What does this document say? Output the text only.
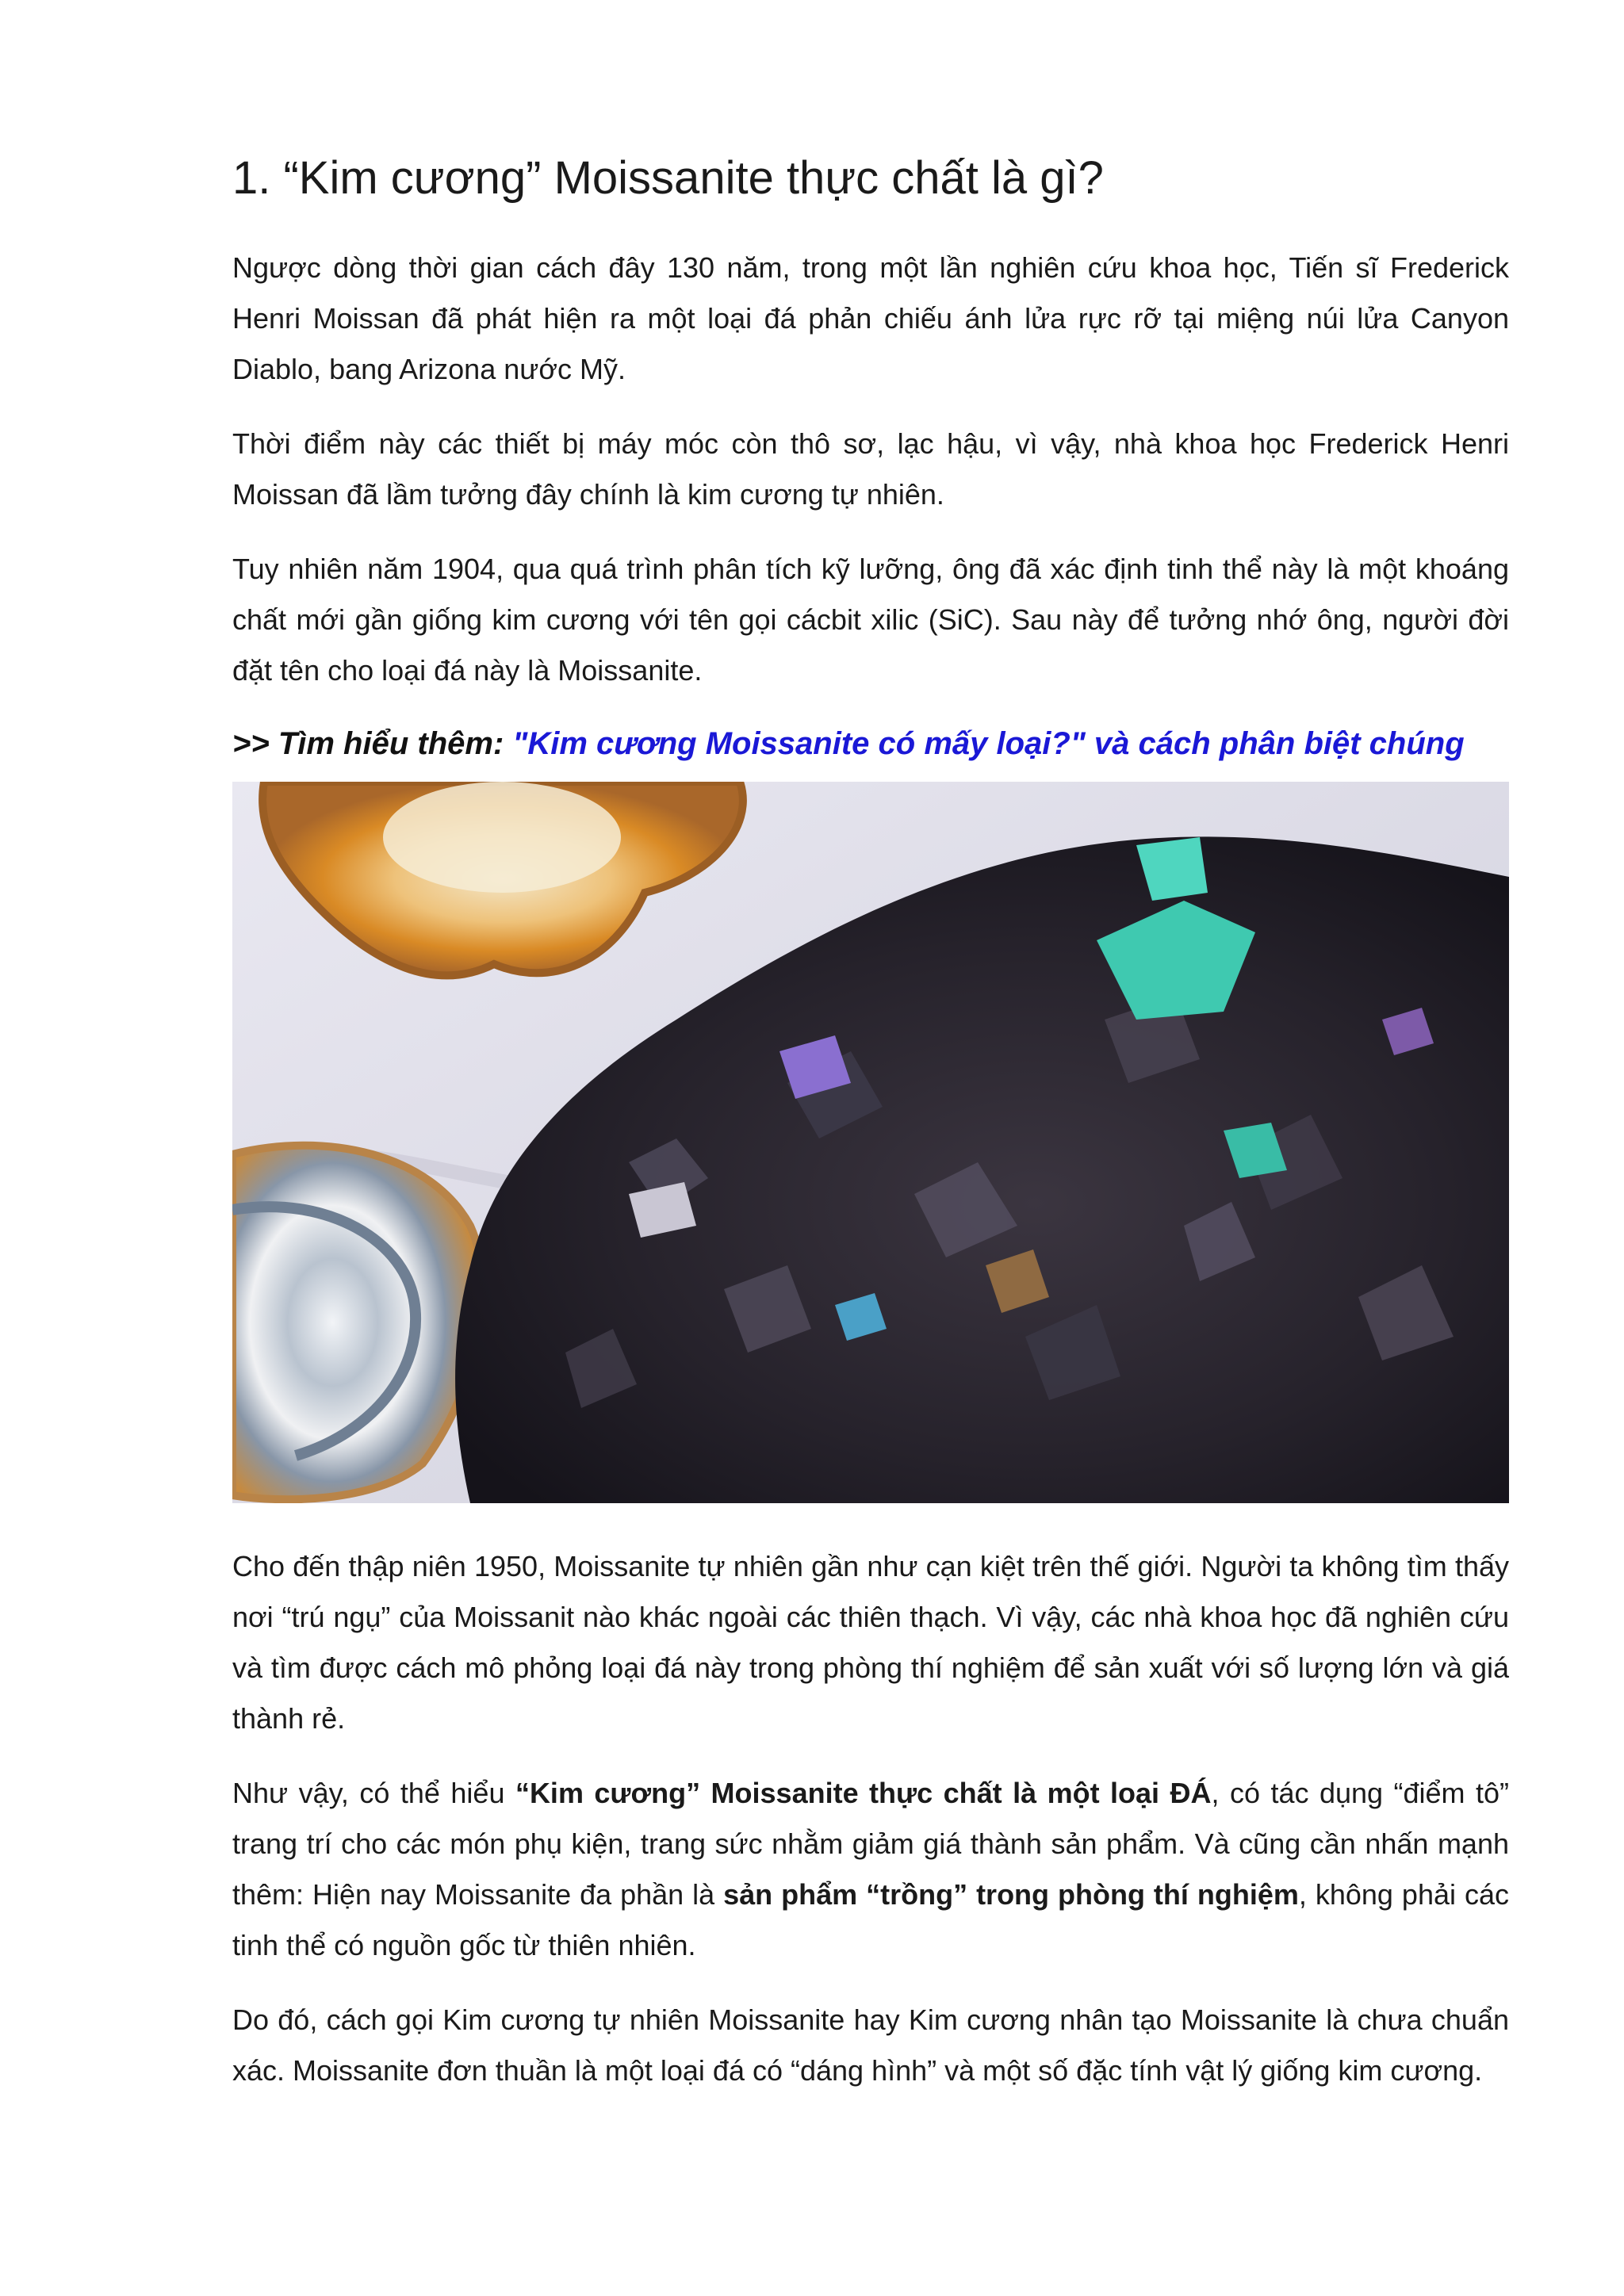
1. “Kim cương” Moissanite thực chất là gì?

Ngược dòng thời gian cách đây 130 năm, trong một lần nghiên cứu khoa học, Tiến sĩ Frederick Henri Moissan đã phát hiện ra một loại đá phản chiếu ánh lửa rực rỡ tại miệng núi lửa Canyon Diablo, bang Arizona nước Mỹ.

Thời điểm này các thiết bị máy móc còn thô sơ, lạc hậu, vì vậy, nhà khoa học Frederick Henri Moissan đã lầm tưởng đây chính là kim cương tự nhiên.

Tuy nhiên năm 1904, qua quá trình phân tích kỹ lưỡng, ông đã xác định tinh thể này là một khoáng chất mới gần giống kim cương với tên gọi cácbit xilic (SiC). Sau này để tưởng nhớ ông, người đời đặt tên cho loại đá này là Moissanite.

>> Tìm hiểu thêm: "Kim cương Moissanite có mấy loại?" và cách phân biệt chúng

Cho đến thập niên 1950, Moissanite tự nhiên gần như cạn kiệt trên thế giới. Người ta không tìm thấy nơi “trú ngụ” của Moissanit nào khác ngoài các thiên thạch. Vì vậy, các nhà khoa học đã nghiên cứu và tìm được cách mô phỏng loại đá này trong phòng thí nghiệm để sản xuất với số lượng lớn và giá thành rẻ.

Như vậy, có thể hiểu “Kim cương” Moissanite thực chất là một loại ĐÁ, có tác dụng “điểm tô” trang trí cho các món phụ kiện, trang sức nhằm giảm giá thành sản phẩm. Và cũng cần nhấn mạnh thêm: Hiện nay Moissanite đa phần là sản phẩm “trồng” trong phòng thí nghiệm, không phải các tinh thể có nguồn gốc từ thiên nhiên.

Do đó, cách gọi Kim cương tự nhiên Moissanite hay Kim cương nhân tạo Moissanite là chưa chuẩn xác. Moissanite đơn thuần là một loại đá có “dáng hình” và một số đặc tính vật lý giống kim cương.
